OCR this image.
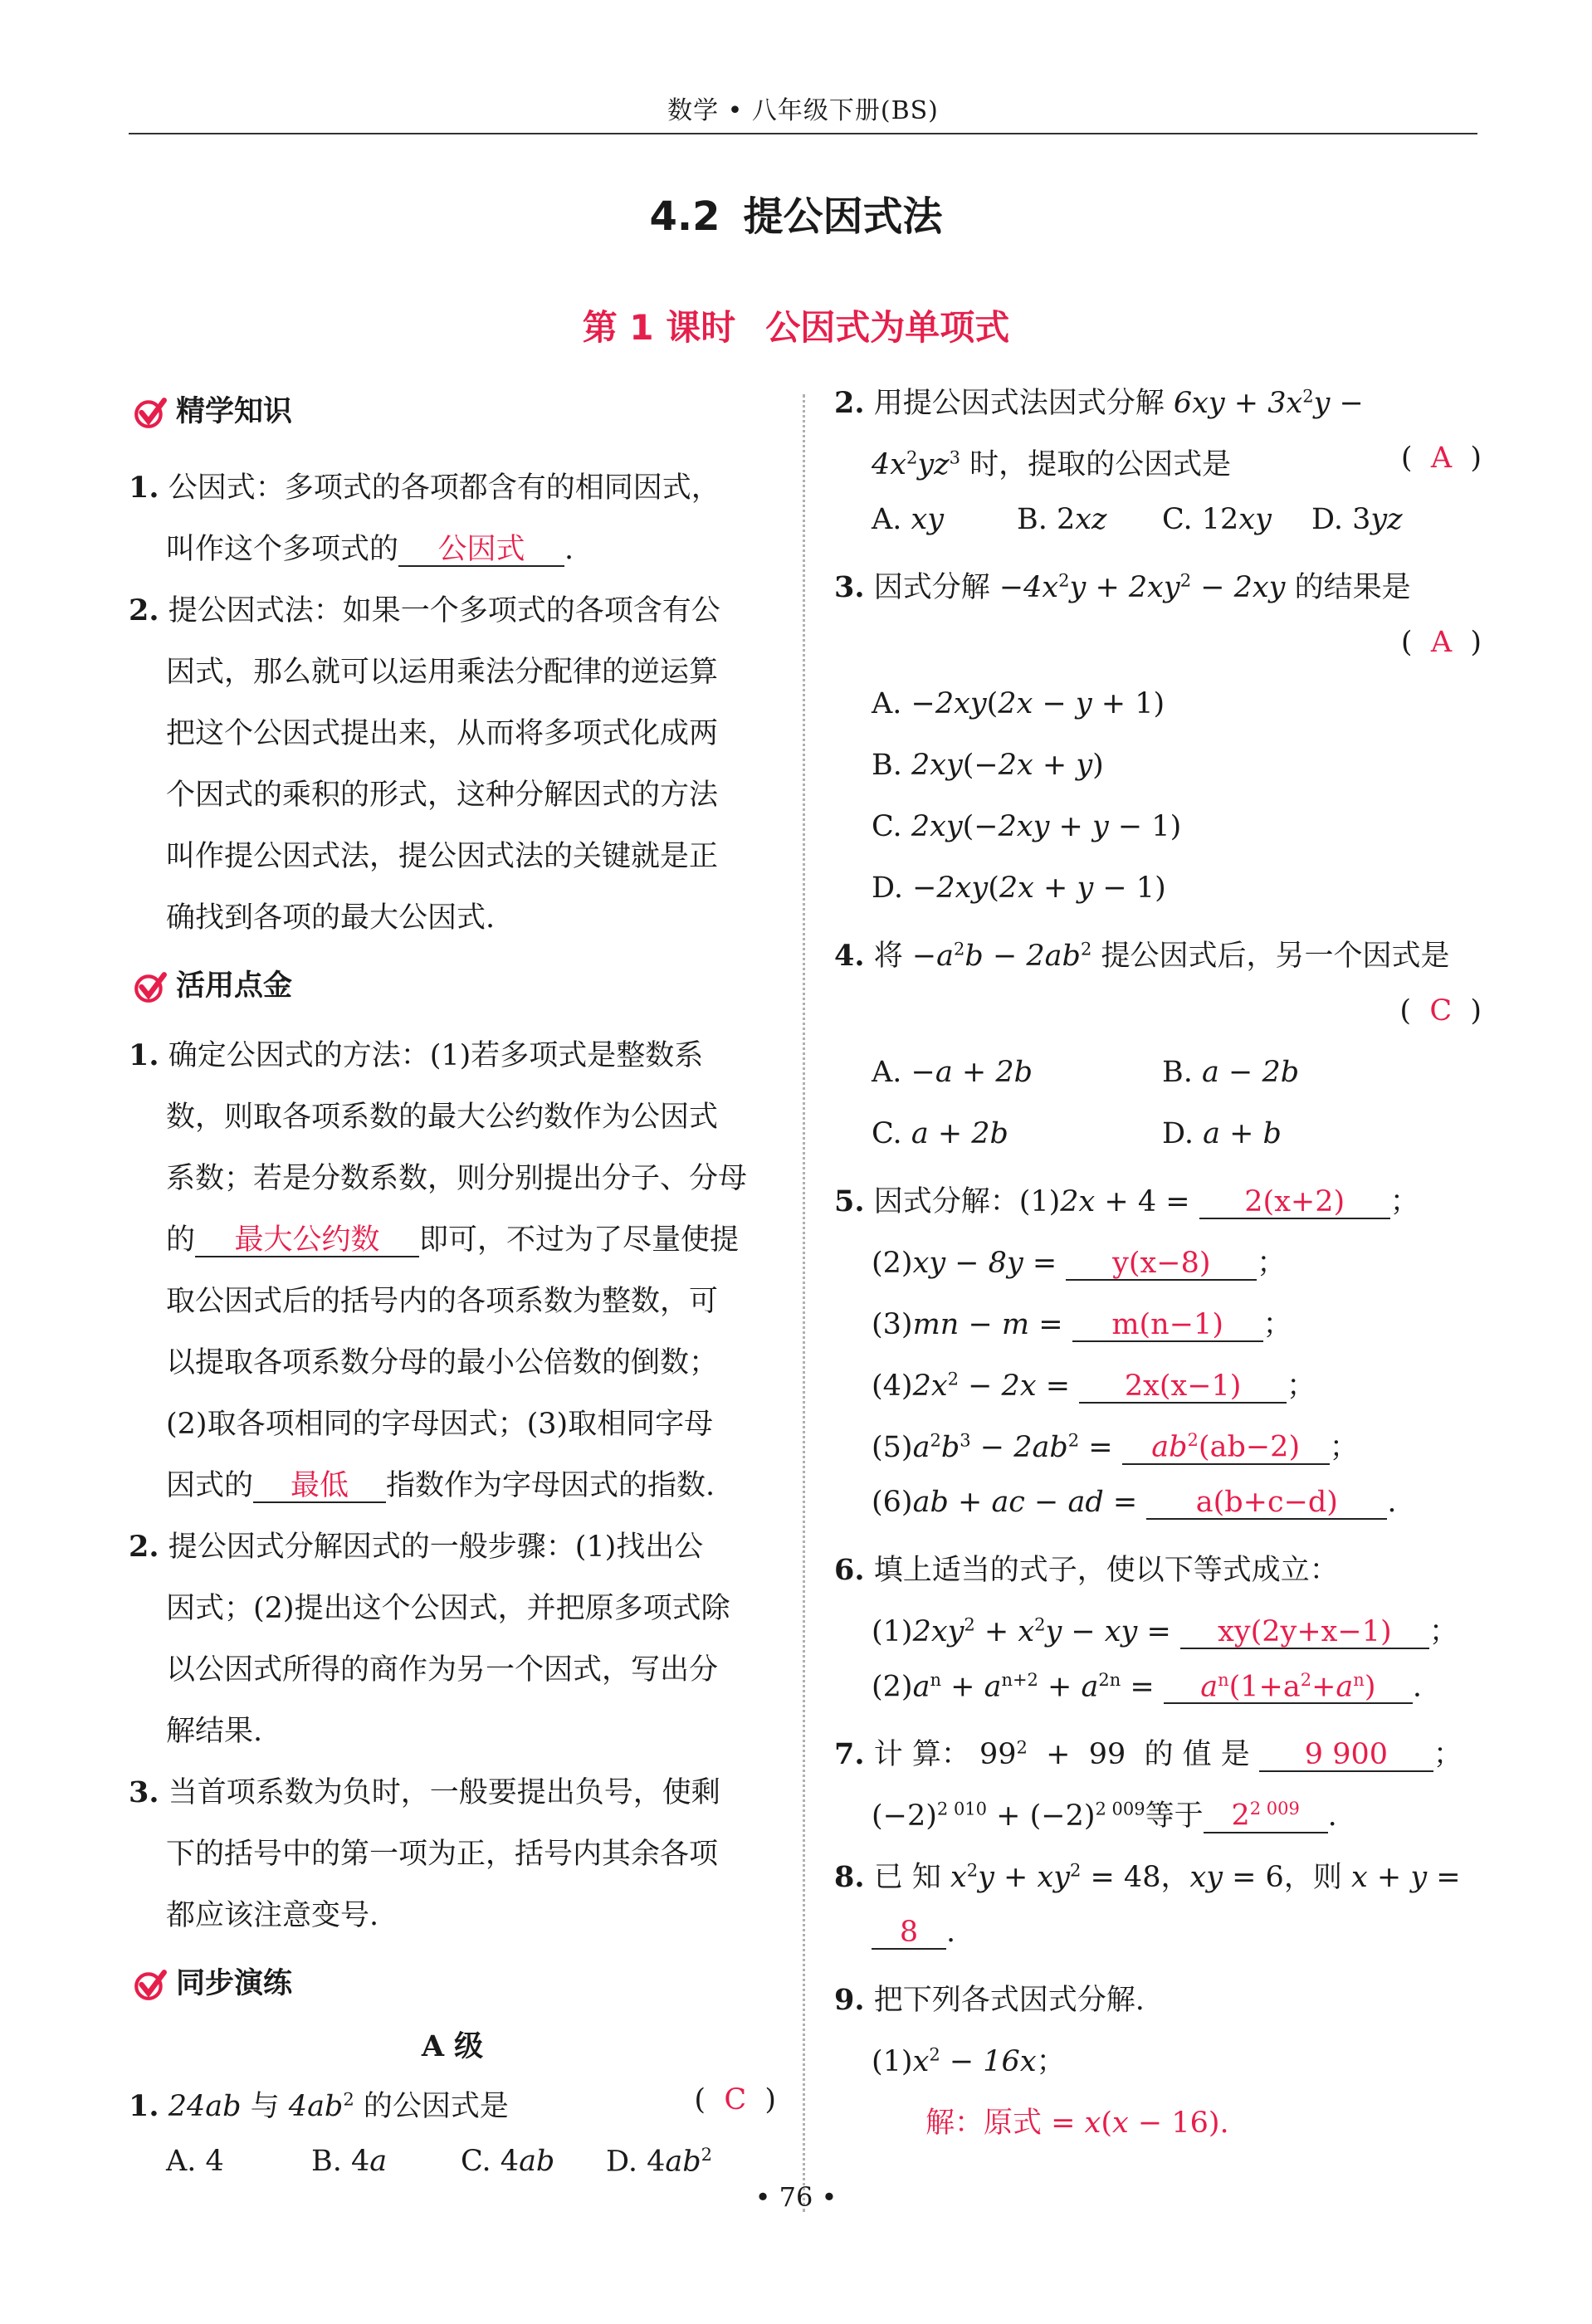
数学 • 八年级下册(BS)
4.2 提公因式法
第 1 课时 公因式为单项式
精学知识
1. 公因式：多项式的各项都含有的相同因式，
叫作这个多项式的 公因式 .
2. 提公因式法：如果一个多项式的各项含有公
因式，那么就可以运用乘法分配律的逆运算
把这个公因式提出来，从而将多项式化成两
个因式的乘积的形式，这种分解因式的方法
叫作提公因式法，提公因式法的关键就是正
确找到各项的最大公因式.
活用点金
1. 确定公因式的方法：(1)若多项式是整数系
数，则取各项系数的最大公约数作为公因式
系数；若是分数系数，则分别提出分子、分母
的 最大公约数 即可，不过为了尽量使提
取公因式后的括号内的各项系数为整数，可
以提取各项系数分母的最小公倍数的倒数；
(2)取各项相同的字母因式；(3)取相同字母
因式的 最低 指数作为字母因式的指数.
2. 提公因式分解因式的一般步骤：(1)找出公
因式；(2)提出这个公因式，并把原多项式除
以公因式所得的商作为另一个因式，写出分
解结果.
3. 当首项系数为负时，一般要提出负号，使剩
下的括号中的第一项为正，括号内其余各项
都应该注意变号.
同步演练
A 级
1. 24ab 与 $4ab^2$ 的公因式是	(  C  )
A. 4	B. 4a	C. 4ab D. $4ab^2$
2. 用提公因式法因式分解 $6xy + 3x^2y$ −
$4x^2yz^3$ 时，提取的公因式是	(  A  )
A. xy	B. 2xz C. 12xy D. 3yz
3. 因式分解 $-4x^2y + 2xy^2 - 2xy$ 的结果是
(  A  )
A. −2xy(2x − y + 1)
B. 2xy(−2x + y)
C. 2xy(−2xy + y − 1)
D. −2xy(2x + y − 1)
4. 将 $-a^2b - 2ab^2$ 提公因式后，另一个因式是
(  C  )
A. −a + 2b	B. a − 2b
C. a + 2b	D. a + b
5. 因式分解：(1)2x + 4 = 2(x+2) ；
(2)xy − 8y = y(x−8) ；
(3)mn − m = m(n−1) ；
$(4)2x^2 - 2x = 2x(x-1)$ ；
$(5)a^2b^3 - 2ab^2 = ab^2(ab-2)$ ；
(6)ab + ac − ad = a(b+c−d) .
6. 填上适当的式子，使以下等式成立：
$(1)2xy^2 + x^2y$ − xy = xy(2y+x−1) ；
$(2)a^n + a^{n+2} + a^{2n} = a^n(1+a^2+a^n)$ .
7. 计 算： $99^2 + 99$  的 值 是 9 900 ；
$(-2)^{2 010} + (-2)^{2 009}$等于 $2^{2 009}$ .
8. 已 知 $x^2y + xy^2 = 48$，xy = 6，则 x + y =
8 .
9. 把下列各式因式分解.
$(1)x^2 - 16x$；
解：原式 = x(x − 16).
• 76 •
